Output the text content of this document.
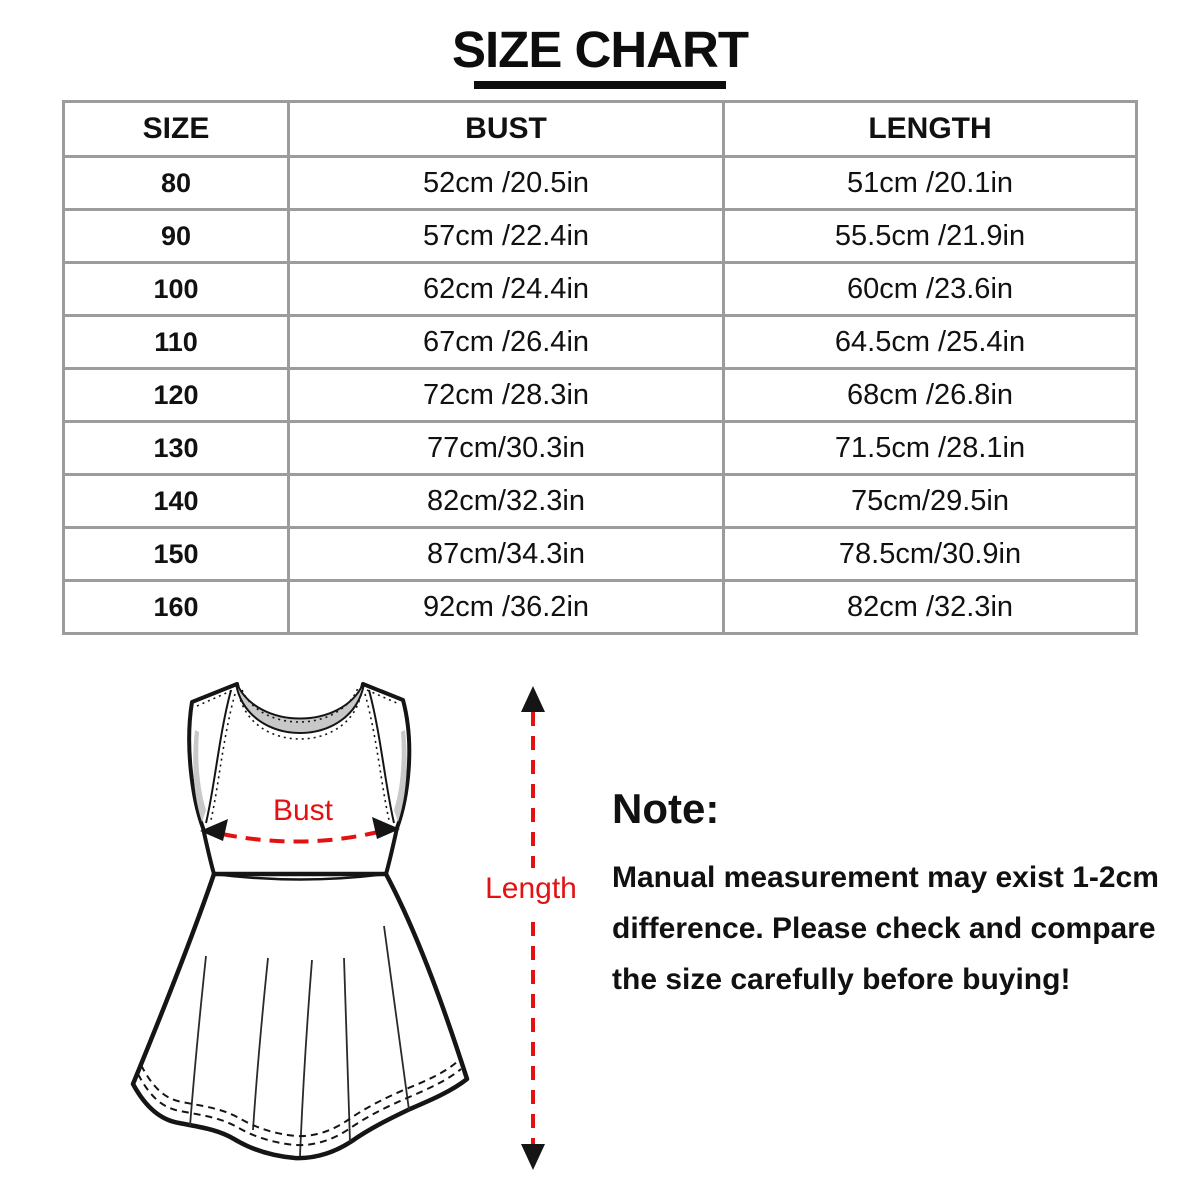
SIZE CHART
SIZE	BUST	LENGTH
80	52cm /20.5in	51cm /20.1in
90	57cm /22.4in	55.5cm /21.9in
100	62cm /24.4in	60cm /23.6in
110	67cm /26.4in	64.5cm /25.4in
120	72cm /28.3in	68cm /26.8in
130	77cm/30.3in	71.5cm /28.1in
140	82cm/32.3in	75cm/29.5in
150	87cm/34.3in	78.5cm/30.9in
160	92cm /36.2in	82cm /32.3in
Bust
Length
Note:
Manual measurement may exist 1-2cm
difference. Please check and compare
the size carefully before buying!
